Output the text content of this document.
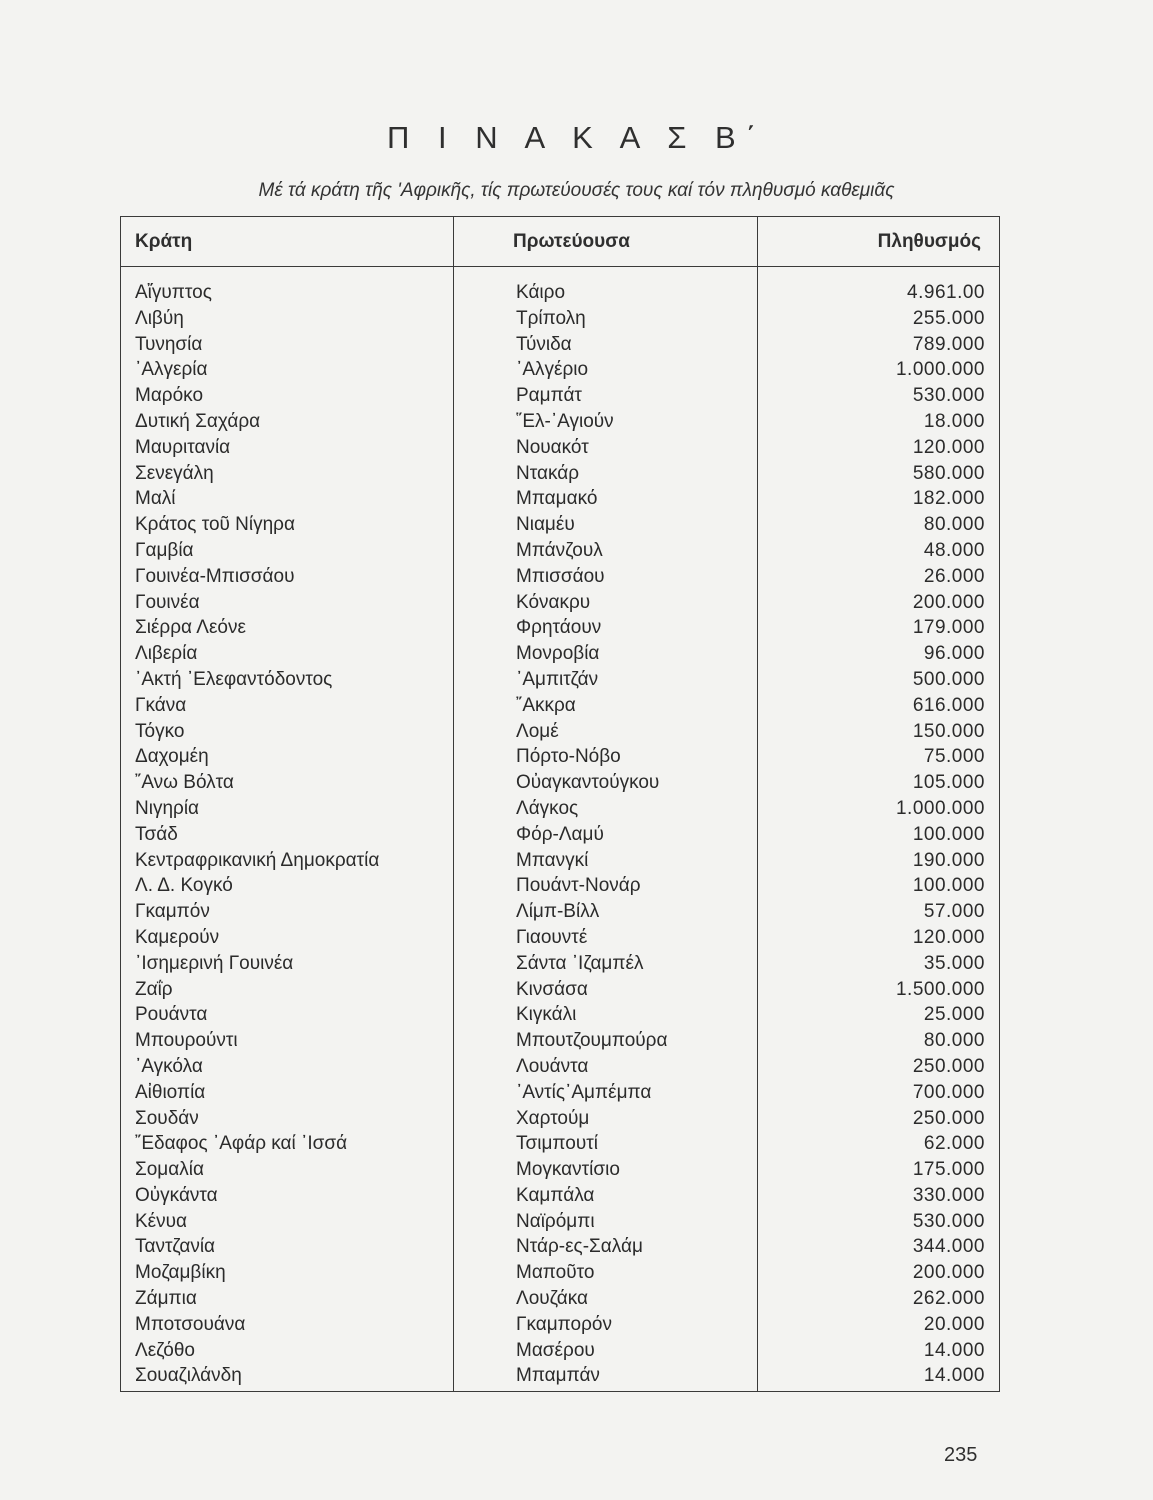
Π Ι Ν Α Κ Α Σ Β΄
Μέ τά κράτη τῆς 'Αφρικῆς, τίς πρωτεύουσές τους καί τόν πληθυσμό καθεμιᾶς
Κράτη	Πρωτεύουσα	Πληθυσμός
Αἴγυπτος	Κάιρο	4.961.00
Λιβύη	Τρίπολη	255.000
Τυνησία	Τύνιδα	789.000
᾿Αλγερία	᾿Αλγέριο	1.000.000
Μαρόκο	Ραμπάτ	530.000
Δυτική Σαχάρα	῞Ελ-᾿Αγιούν	18.000
Μαυριτανία	Νουακότ	120.000
Σενεγάλη	Ντακάρ	580.000
Μαλί	Μπαμακό	182.000
Κράτος τοῦ Νίγηρα	Νιαμέυ	80.000
Γαμβία	Μπάνζουλ	48.000
Γουινέα-Μπισσάου	Μπισσάου	26.000
Γουινέα	Κόνακρυ	200.000
Σιέρρα Λεόνε	Φρητάουν	179.000
Λιβερία	Μονροβία	96.000
᾿Ακτή ᾿Ελεφαντόδοντος	᾿Αμπιτζάν	500.000
Γκάνα	῎Ακκρα	616.000
Τόγκο	Λομέ	150.000
Δαχομέη	Πόρτο-Νόβο	75.000
῎Ανω Βόλτα	Οὐαγκαντούγκου	105.000
Νιγηρία	Λάγκος	1.000.000
Τσάδ	Φόρ-Λαμύ	100.000
Κεντραφρικανική Δημοκρατία	Μπανγκί	190.000
Λ. Δ. Κογκό	Πουάντ-Νονάρ	100.000
Γκαμπόν	Λίμπ-Βίλλ	57.000
Καμερούν	Γιαουντέ	120.000
᾿Ισημερινή Γουινέα	Σάντα ᾿Ιζαμπέλ	35.000
Ζαΐρ	Κινσάσα	1.500.000
Ρουάντα	Κιγκάλι	25.000
Μπουρούντι	Μπουτζουμπούρα	80.000
᾿Αγκόλα	Λουάντα	250.000
Αἰθιοπία	᾿Αντίς᾿Αμπέμπα	700.000
Σουδάν	Χαρτούμ	250.000
῎Εδαφος ᾿Αφάρ καί ᾿Ισσά	Τσιμπουτί	62.000
Σομαλία	Μογκαντίσιο	175.000
Οὐγκάντα	Καμπάλα	330.000
Κένυα	Ναϊρόμπι	530.000
Ταντζανία	Ντάρ-ες-Σαλάμ	344.000
Μοζαμβίκη	Μαποῦτο	200.000
Ζάμπια	Λουζάκα	262.000
Μποτσουάνα	Γκαμπορόν	20.000
Λεζόθο	Μασέρου	14.000
Σουαζιλάνδη	Μπαμπάν	14.000
235
